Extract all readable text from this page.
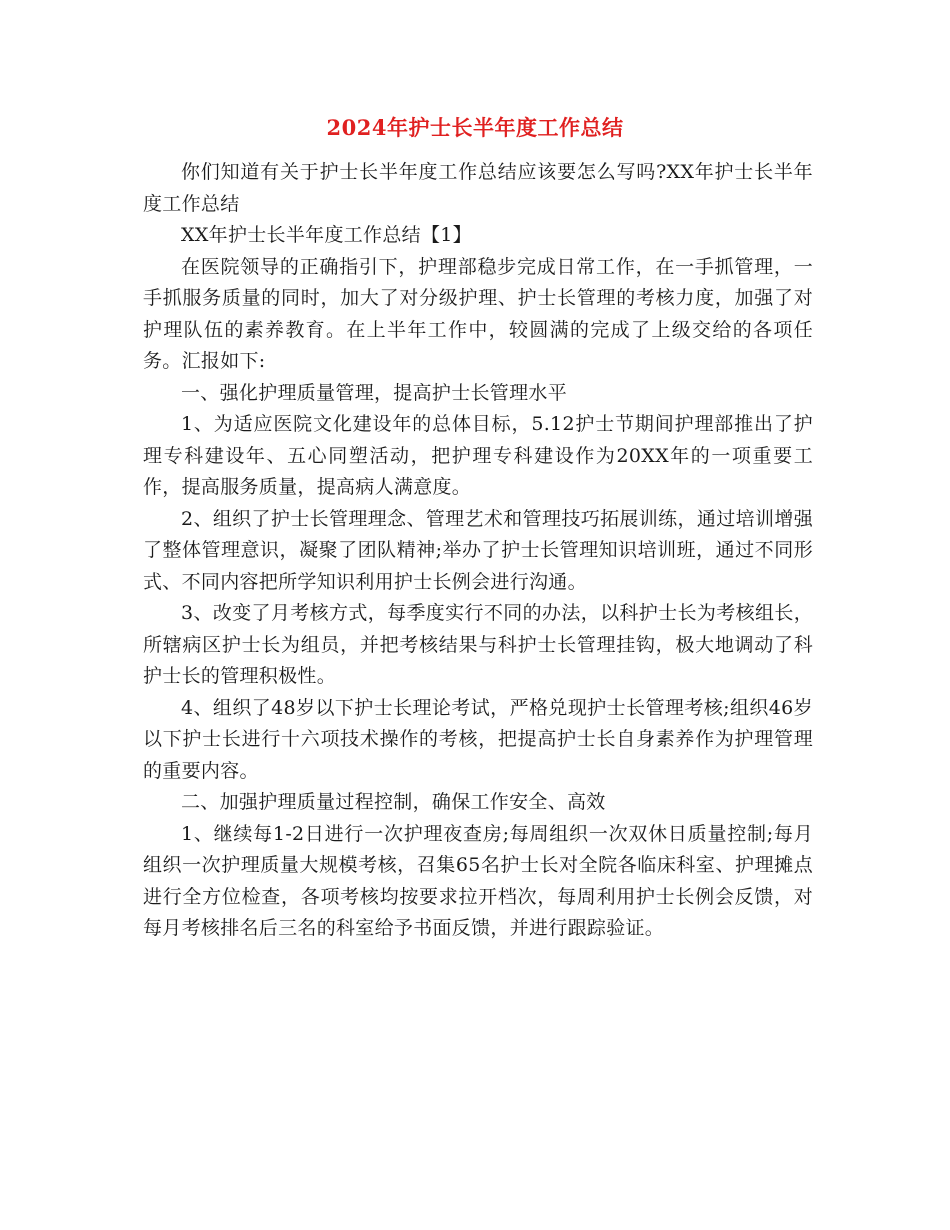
2024年护士长半年度工作总结

你们知道有关于护士长半年度工作总结应该要怎么写吗?XX年护士长半年度工作总结

XX年护士长半年度工作总结【1】

在医院领导的正确指引下，护理部稳步完成日常工作，在一手抓管理，一手抓服务质量的同时，加大了对分级护理、护士长管理的考核力度，加强了对护理队伍的素养教育。在上半年工作中，较圆满的完成了上级交给的各项任务。汇报如下:

一、强化护理质量管理，提高护士长管理水平

1、为适应医院文化建设年的总体目标，5.12护士节期间护理部推出了护理专科建设年、五心同塑活动，把护理专科建设作为20XX年的一项重要工作，提高服务质量，提高病人满意度。

2、组织了护士长管理理念、管理艺术和管理技巧拓展训练，通过培训增强了整体管理意识，凝聚了团队精神;举办了护士长管理知识培训班，通过不同形式、不同内容把所学知识利用护士长例会进行沟通。

3、改变了月考核方式，每季度实行不同的办法，以科护士长为考核组长，所辖病区护士长为组员，并把考核结果与科护士长管理挂钩，极大地调动了科护士长的管理积极性。

4、组织了48岁以下护士长理论考试，严格兑现护士长管理考核;组织46岁以下护士长进行十六项技术操作的考核，把提高护士长自身素养作为护理管理的重要内容。

二、加强护理质量过程控制，确保工作安全、高效

1、继续每1-2日进行一次护理夜查房;每周组织一次双休日质量控制;每月组织一次护理质量大规模考核，召集65名护士长对全院各临床科室、护理摊点进行全方位检查，各项考核均按要求拉开档次，每周利用护士长例会反馈，对每月考核排名后三名的科室给予书面反馈，并进行跟踪验证。
